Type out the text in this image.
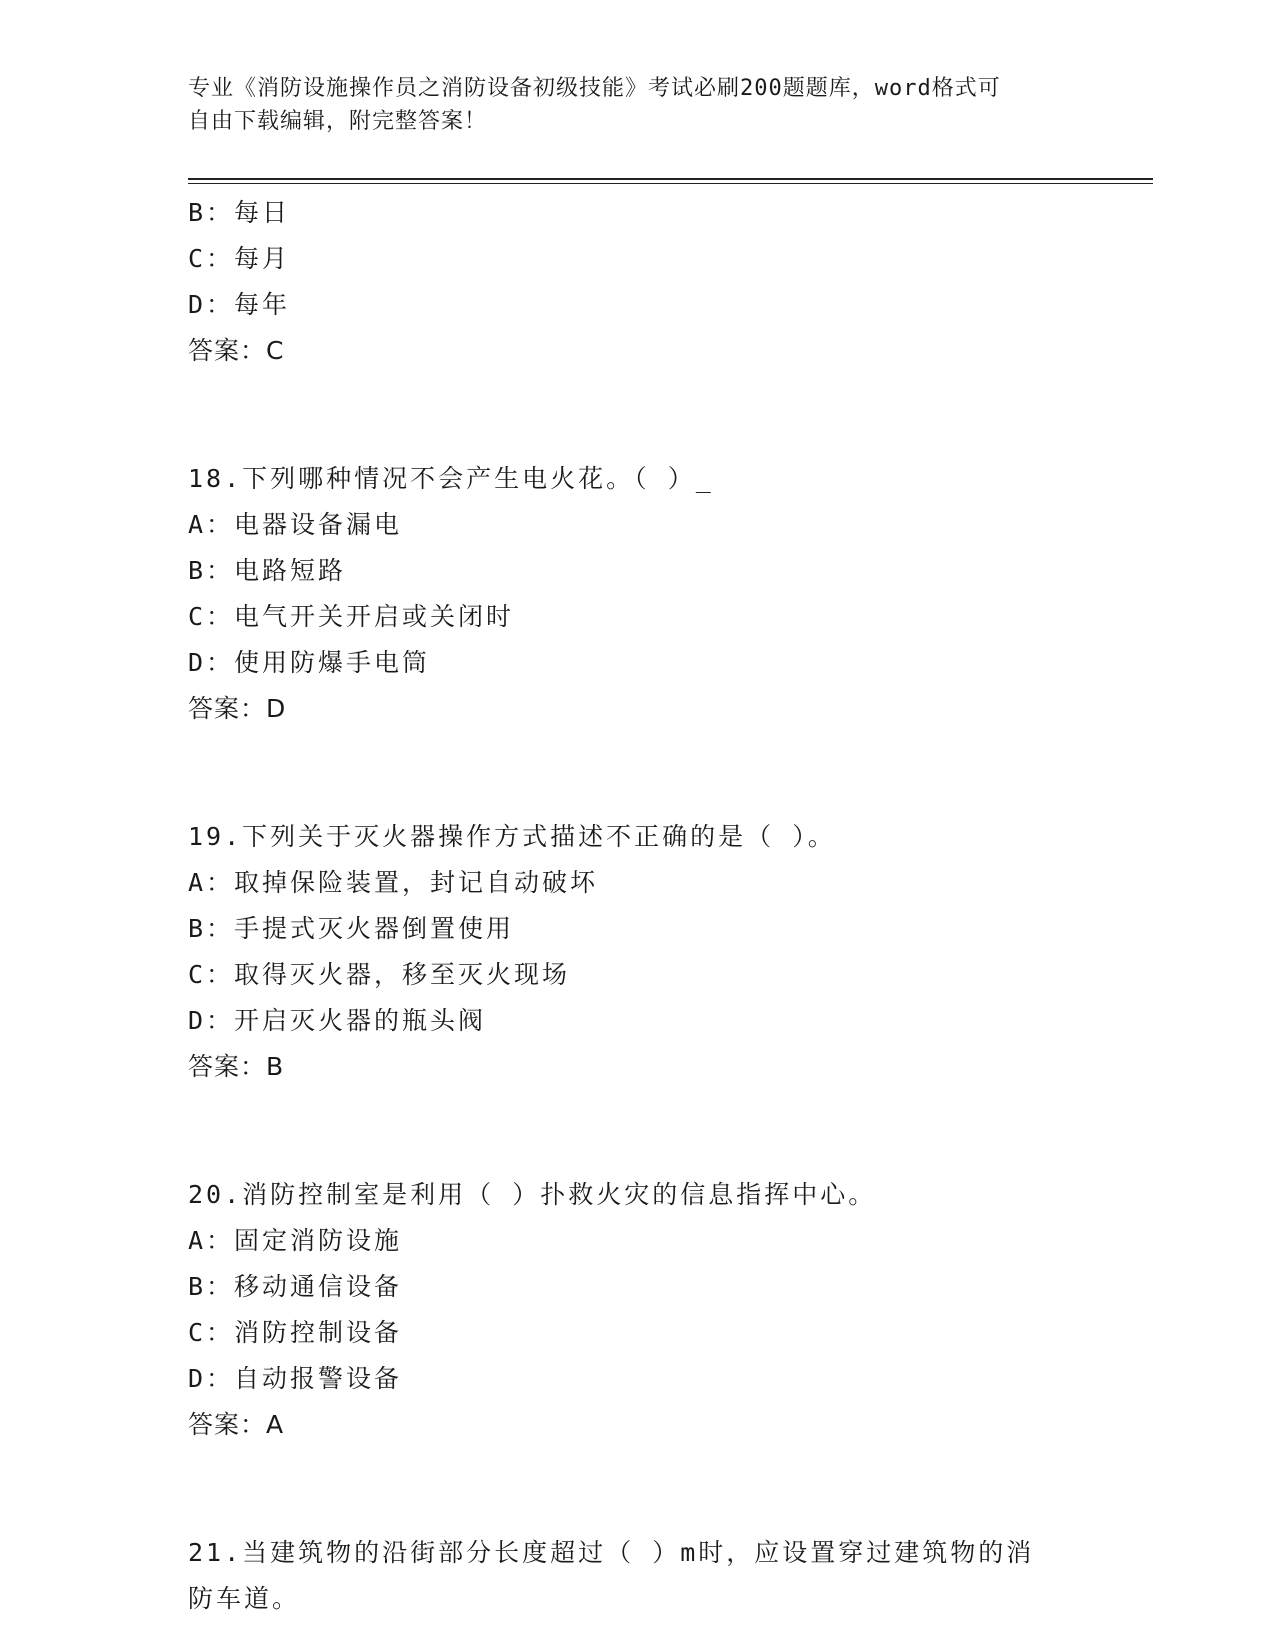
专业《消防设施操作员之消防设备初级技能》考试必刷200题题库，word格式可
自由下载编辑，附完整答案！
B：每日
C：每月
D：每年
答案：C
18.下列哪种情况不会产生电火花。（ ）_
A：电器设备漏电
B：电路短路
C：电气开关开启或关闭时
D：使用防爆手电筒
答案：D
19.下列关于灭火器操作方式描述不正确的是（ ）。
A：取掉保险装置，封记自动破坏
B：手提式灭火器倒置使用
C：取得灭火器，移至灭火现场
D：开启灭火器的瓶头阀
答案：B
20.消防控制室是利用（ ）扑救火灾的信息指挥中心。
A：固定消防设施
B：移动通信设备
C：消防控制设备
D：自动报警设备
答案：A
21.当建筑物的沿街部分长度超过（ ）m时，应设置穿过建筑物的消
防车道。
